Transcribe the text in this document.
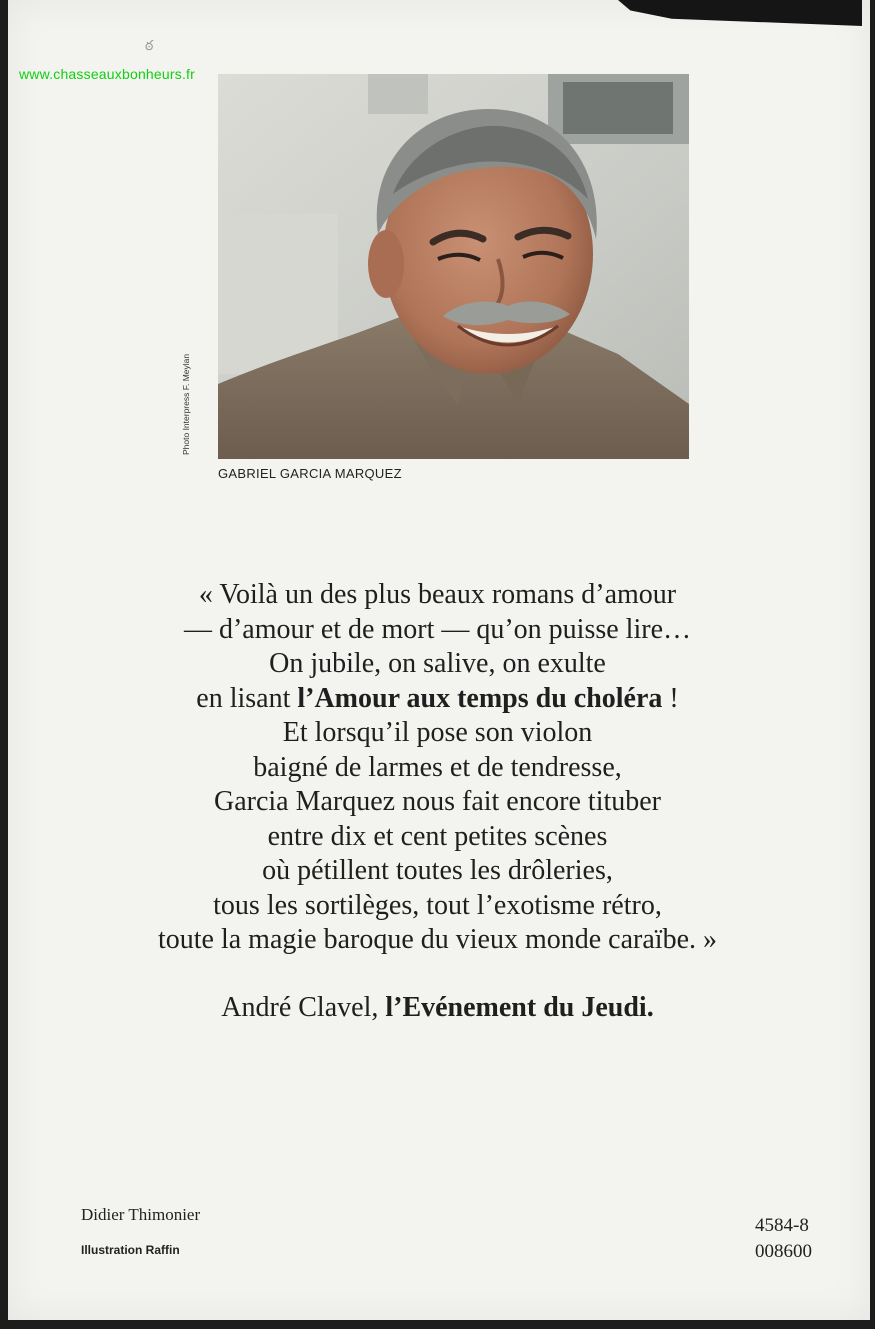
ఠ
www.chasseauxbonheurs.fr
Photo Interpress F. Meylan
GABRIEL GARCIA MARQUEZ
« Voilà un des plus beaux romans d’amour
— d’amour et de mort — qu’on puisse lire…
On jubile, on salive, on exulte
en lisant l’Amour aux temps du choléra !
Et lorsqu’il pose son violon
baigné de larmes et de tendresse,
Garcia Marquez nous fait encore tituber
entre dix et cent petites scènes
où pétillent toutes les drôleries,
tous les sortilèges, tout l’exotisme rétro,
toute la magie baroque du vieux monde caraïbe. »
André Clavel, l’Evénement du Jeudi.
Didier Thimonier
Illustration Raffin
4584-8
008600
